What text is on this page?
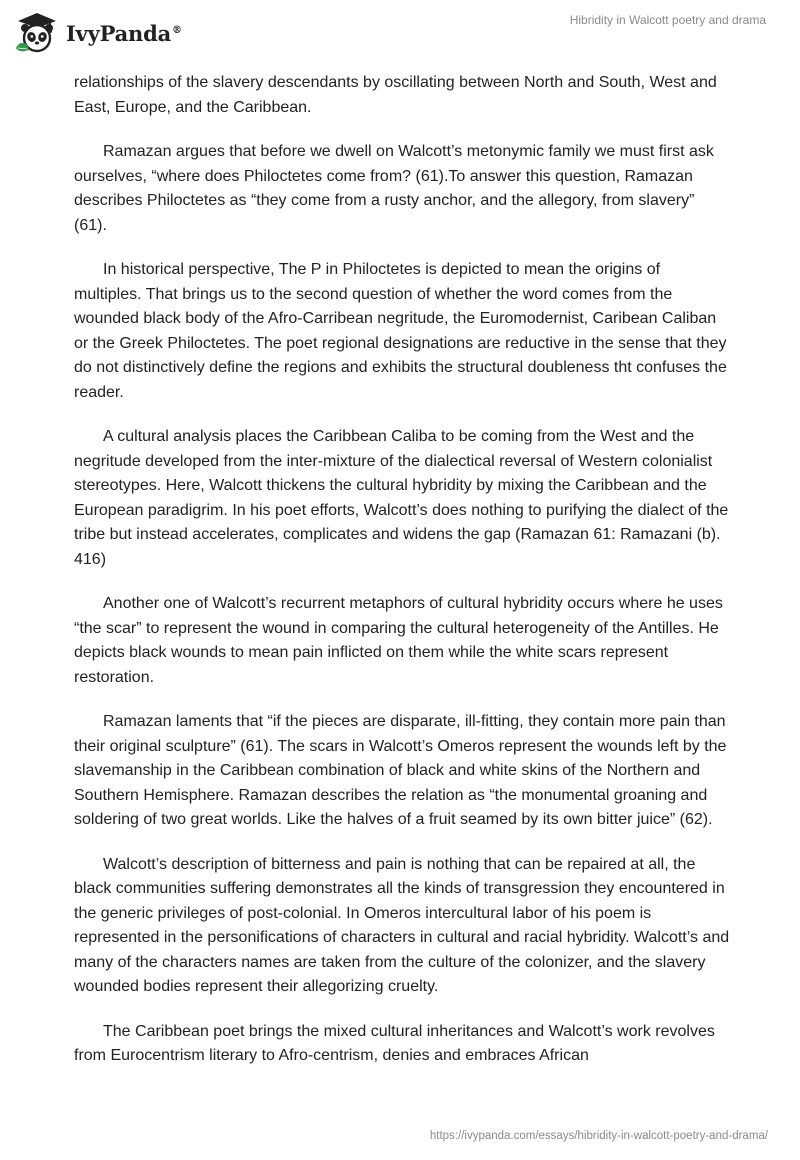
IvyPanda®
Hibridity in Walcott poetry and drama

relationships of the slavery descendants by oscillating between North and South, West and East, Europe, and the Caribbean.

Ramazan argues that before we dwell on Walcott’s metonymic family we must first ask ourselves, “where does Philoctetes come from? (61).To answer this question, Ramazan describes Philoctetes as “they come from a rusty anchor, and the allegory, from slavery” (61).

In historical perspective, The P in Philoctetes is depicted to mean the origins of multiples. That brings us to the second question of whether the word comes from the wounded black body of the Afro-Carribean negritude, the Euromodernist, Caribean Caliban or the Greek Philoctetes. The poet regional designations are reductive in the sense that they do not distinctively define the regions and exhibits the structural doubleness tht confuses the reader.

A cultural analysis places the Caribbean Caliba to be coming from the West and the negritude developed from the inter-mixture of the dialectical reversal of Western colonialist stereotypes. Here, Walcott thickens the cultural hybridity by mixing the Caribbean and the European paradigrim. In his poet efforts, Walcott’s does nothing to purifying the dialect of the tribe but instead accelerates, complicates and widens the gap (Ramazan 61: Ramazani (b). 416)

Another one of Walcott’s recurrent metaphors of cultural hybridity occurs where he uses “the scar” to represent the wound in comparing the cultural heterogeneity of the Antilles. He depicts black wounds to mean pain inflicted on them while the white scars represent restoration.

Ramazan laments that “if the pieces are disparate, ill-fitting, they contain more pain than their original sculpture” (61). The scars in Walcott’s Omeros represent the wounds left by the slavemanship in the Caribbean combination of black and white skins of the Northern and Southern Hemisphere. Ramazan describes the relation as “the monumental groaning and soldering of two great worlds. Like the halves of a fruit seamed by its own bitter juice” (62).

Walcott’s description of bitterness and pain is nothing that can be repaired at all, the black communities suffering demonstrates all the kinds of transgression they encountered in the generic privileges of post-colonial. In Omeros intercultural labor of his poem is represented in the personifications of characters in cultural and racial hybridity. Walcott’s and many of the characters names are taken from the culture of the colonizer, and the slavery wounded bodies represent their allegorizing cruelty.

The Caribbean poet brings the mixed cultural inheritances and Walcott’s work revolves from Eurocentrism literary to Afro-centrism, denies and embraces African

https://ivypanda.com/essays/hibridity-in-walcott-poetry-and-drama/
